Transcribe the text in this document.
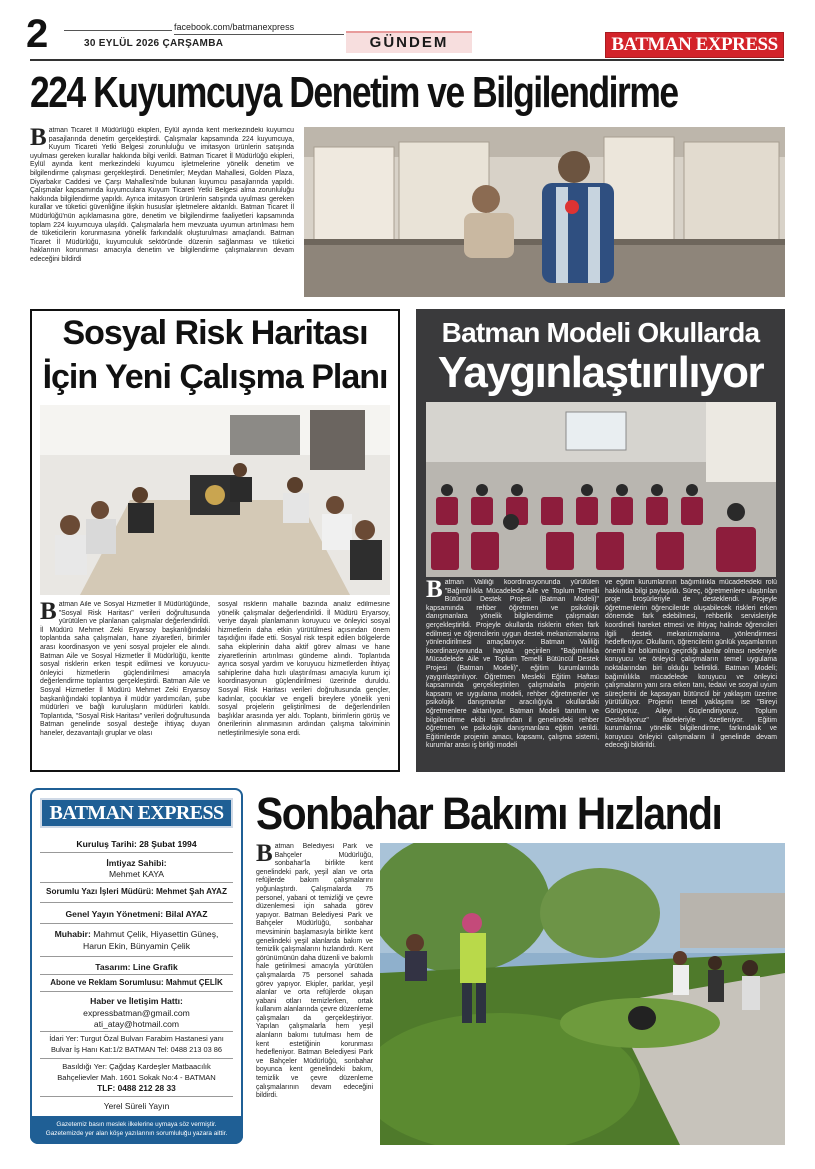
2	facebook.com/batmanexpress
30 EYLÜL 2026 ÇARŞAMBA	GÜNDEM	BATMAN EXPRESS
224 Kuyumcuya Denetim ve Bilgilendirme
Batman Ticaret İl Müdürlüğü ekipleri, Eylül ayında kent merkezindeki kuyumcu pasajlarında denetim gerçekleştirdi. Çalışmalar kapsamında 224 kuyumcuya, Kuyum Ticareti Yetki Belgesi zorunluluğu ve imitasyon ürünlerin satışında uyulması gereken kurallar hakkında bilgi verildi. Batman Ticaret İl Müdürlüğü ekipleri, Eylül ayında kent merkezindeki kuyumcu işletmelerine yönelik denetim ve bilgilendirme çalışması gerçekleştirdi. Denetimler; Meydan Mahallesi, Golden Plaza, Diyarbakır Caddesi ve Çarşı Mahallesi'nde bulunan kuyumcu pasajlarında yapıldı. Çalışmalar kapsamında kuyumculara Kuyum Ticareti Yetki Belgesi alma zorunluluğu hakkında bilgilendirme yapıldı. Ayrıca imitasyon ürünlerin satışında uyulması gereken kurallar ve tüketici güvenliğine ilişkin hususlar işletmelere aktarıldı. Batman Ticaret İl Müdürlüğü'nün açıklamasına göre, denetim ve bilgilendirme faaliyetleri kapsamında toplam 224 kuyumcuya ulaşıldı. Çalışmalarla hem mevzuata uyumun artırılması hem de tüketicilerin korunmasına yönelik farkındalık oluşturulması amaçlandı. Batman Ticaret İl Müdürlüğü, kuyumculuk sektöründe düzenin sağlanması ve tüketici haklarının korunması amacıyla denetim ve bilgilendirme çalışmalarının devam edeceğini bildirdi
Sosyal Risk Haritası
İçin Yeni Çalışma Planı
Batman Aile ve Sosyal Hizmetler İl Müdürlüğünde, "Sosyal Risk Haritası" verileri doğrultusunda yürütülen ve planlanan çalışmalar değerlendirildi. İl Müdürü Mehmet Zeki Eryarsoy başkanlığındaki toplantıda saha çalışmaları, hane ziyaretleri, birimler arası koordinasyon ve yeni sosyal projeler ele alındı. Batman Aile ve Sosyal Hizmetler İl Müdürlüğü, kentte sosyal risklerin erken tespit edilmesi ve koruyucu-önleyici hizmetlerin güçlendirilmesi amacıyla değerlendirme toplantısı gerçekleştirdi. Batman Aile ve Sosyal Hizmetler İl Müdürü Mehmet Zeki Eryarsoy başkanlığındaki toplantıya il müdür yardımcıları, şube müdürleri ve bağlı kuruluşların müdürleri katıldı. Toplantıda, "Sosyal Risk Haritası" verileri doğrultusunda Batman genelinde sosyal desteğe ihtiyaç duyan haneler, dezavantajlı gruplar ve olası
sosyal risklerin mahalle bazında analiz edilmesine yönelik çalışmalar değerlendirildi. İl Müdürü Eryarsoy, veriye dayalı planlamanın koruyucu ve önleyici sosyal hizmetlerin daha etkin yürütülmesi açısından önem taşıdığını ifade etti. Sosyal risk tespit edilen bölgelerde saha ekiplerinin daha aktif görev alması ve hane ziyaretlerinin artırılması gündeme alındı. Toplantıda ayrıca sosyal yardım ve koruyucu hizmetlerden ihtiyaç sahiplerine daha hızlı ulaştırılması amacıyla kurum içi koordinasyonun güçlendirilmesi üzerinde duruldu. Sosyal Risk Haritası verileri doğrultusunda gençler, kadınlar, çocuklar ve engelli bireylere yönelik yeni sosyal projelerin geliştirilmesi de değerlendirilen başlıklar arasında yer aldı. Toplantı, birimlerin görüş ve önerilerinin alınmasının ardından çalışma takviminin netleştirilmesiyle sona erdi.
Batman Modeli Okullarda
Yaygınlaştırılıyor
Batman Valiliği koordinasyonunda yürütülen "Bağımlılıkla Mücadelede Aile ve Toplum Temelli Bütüncül Destek Projesi (Batman Modeli)" kapsamında rehber öğretmen ve psikolojik danışmanlara yönelik bilgilendirme çalışmaları gerçekleştirildi. Projeyle okullarda risklerin erken fark edilmesi ve öğrencilerin uygun destek mekanizmalarına yönlendirilmesi amaçlanıyor. Batman Valiliği koordinasyonunda hayata geçirilen "Bağımlılıkla Mücadelede Aile ve Toplum Temelli Bütüncül Destek Projesi (Batman Modeli)", eğitim kurumlarında yaygınlaştırılıyor. Öğretmen Mesleki Eğitim Haftası kapsamında gerçekleştirilen çalışmalarla projenin kapsamı ve uygulama modeli, rehber öğretmenler ve psikolojik danışmanlar aracılığıyla okullardaki öğretmenlere aktarılıyor. Batman Modeli tanıtım ve bilgilendirme ekibi tarafından il genelindeki rehber öğretmen ve psikolojik danışmanlara eğitim verildi. Eğitimlerde projenin amacı, kapsamı, çalışma sistemi, kurumlar arası iş birliği modeli
ve eğitim kurumlarının bağımlılıkla mücadeledeki rolü hakkında bilgi paylaşıldı. Süreç, öğretmenlere ulaştırılan proje broşürleriyle de desteklendi. Projeyle öğretmenlerin öğrencilerde oluşabilecek riskleri erken dönemde fark edebilmesi, rehberlik servisleriyle koordineli hareket etmesi ve ihtiyaç halinde öğrencileri ilgili destek mekanizmalarına yönlendirmesi hedefleniyor. Okulların, öğrencilerin günlük yaşamlarının önemli bir bölümünü geçirdiği alanlar olması nedeniyle koruyucu ve önleyici çalışmaların temel uygulama noktalarından biri olduğu belirtildi. Batman Modeli; bağımlılıkla mücadelede koruyucu ve önleyici çalışmaların yanı sıra erken tanı, tedavi ve sosyal uyum süreçlerini de kapsayan bütüncül bir yaklaşım üzerine yürütülüyor. Projenin temel yaklaşımı ise "Bireyi Görüyoruz, Aileyi Güçlendiriyoruz, Toplum Destekliyoruz" ifadeleriyle özetleniyor. Eğitim kurumlarına yönelik bilgilendirme, farkındalık ve koruyucu önleyici çalışmaların il genelinde devam edeceği bildirildi.
BATMAN EXPRESS
Kuruluş Tarihi: 28 Şubat 1994
İmtiyaz Sahibi:
Mehmet KAYA
Sorumlu Yazı İşleri Müdürü: Mehmet Şah AYAZ
Genel Yayın Yönetmeni: Bilal AYAZ
Muhabir: Mahmut Çelik, Hiyasettin Güneş,
Harun Ekin, Bünyamin Çelik
Tasarım: Line Grafik
Abone ve Reklam Sorumlusu: Mahmut ÇELİK
Haber ve İletişim Hattı:
expressbatman@gmail.com
ati_atay@hotmail.com
İdari Yer: Turgut Özal Bulvarı Farabim Hastanesi yanı
Bulvar İş Hanı Kat:1/2 BATMAN Tel: 0488 213 03 86
Basıldığı Yer: Çağdaş Kardeşler Matbaacılık
Bahçelievler Mah. 1601 Sokak No:4 - BATMAN
TLF: 0488 212 28 33
Yerel Süreli Yayın
Gazetemiz basın meslek ilkelerine uymaya söz vermiştir.
Gazetemizde yer alan köşe yazılarının sorumluluğu yazara aittir.
Sonbahar Bakımı Hızlandı
Batman Belediyesi Park ve Bahçeler Müdürlüğü, sonbahar'la birlikte kent genelindeki park, yeşil alan ve orta refüjlerde bakım çalışmalarını yoğunlaştırdı. Çalışmalarda 75 personel, yabani ot temizliği ve çevre düzenlemesi için sahada görev yapıyor. Batman Belediyesi Park ve Bahçeler Müdürlüğü, sonbahar mevsiminin başlamasıyla birlikte kent genelindeki yeşil alanlarda bakım ve temizlik çalışmalarını hızlandırdı. Kent görünümünün daha düzenli ve bakımlı hale getirilmesi amacıyla yürütülen çalışmalarda 75 personel sahada görev yapıyor. Ekipler, parklar, yeşil alanlar ve orta refüjlerde oluşan yabani otları temizlerken, ortak kullanım alanlarında çevre düzenleme çalışmaları da gerçekleştiriyor. Yapılan çalışmalarla hem yeşil alanların bakımı tutulması hem de kent estetiğinin korunması hedefleniyor. Batman Belediyesi Park ve Bahçeler Müdürlüğü, sonbahar boyunca kent genelindeki bakım, temizlik ve çevre düzenleme çalışmalarının devam edeceğini bildirdi.
